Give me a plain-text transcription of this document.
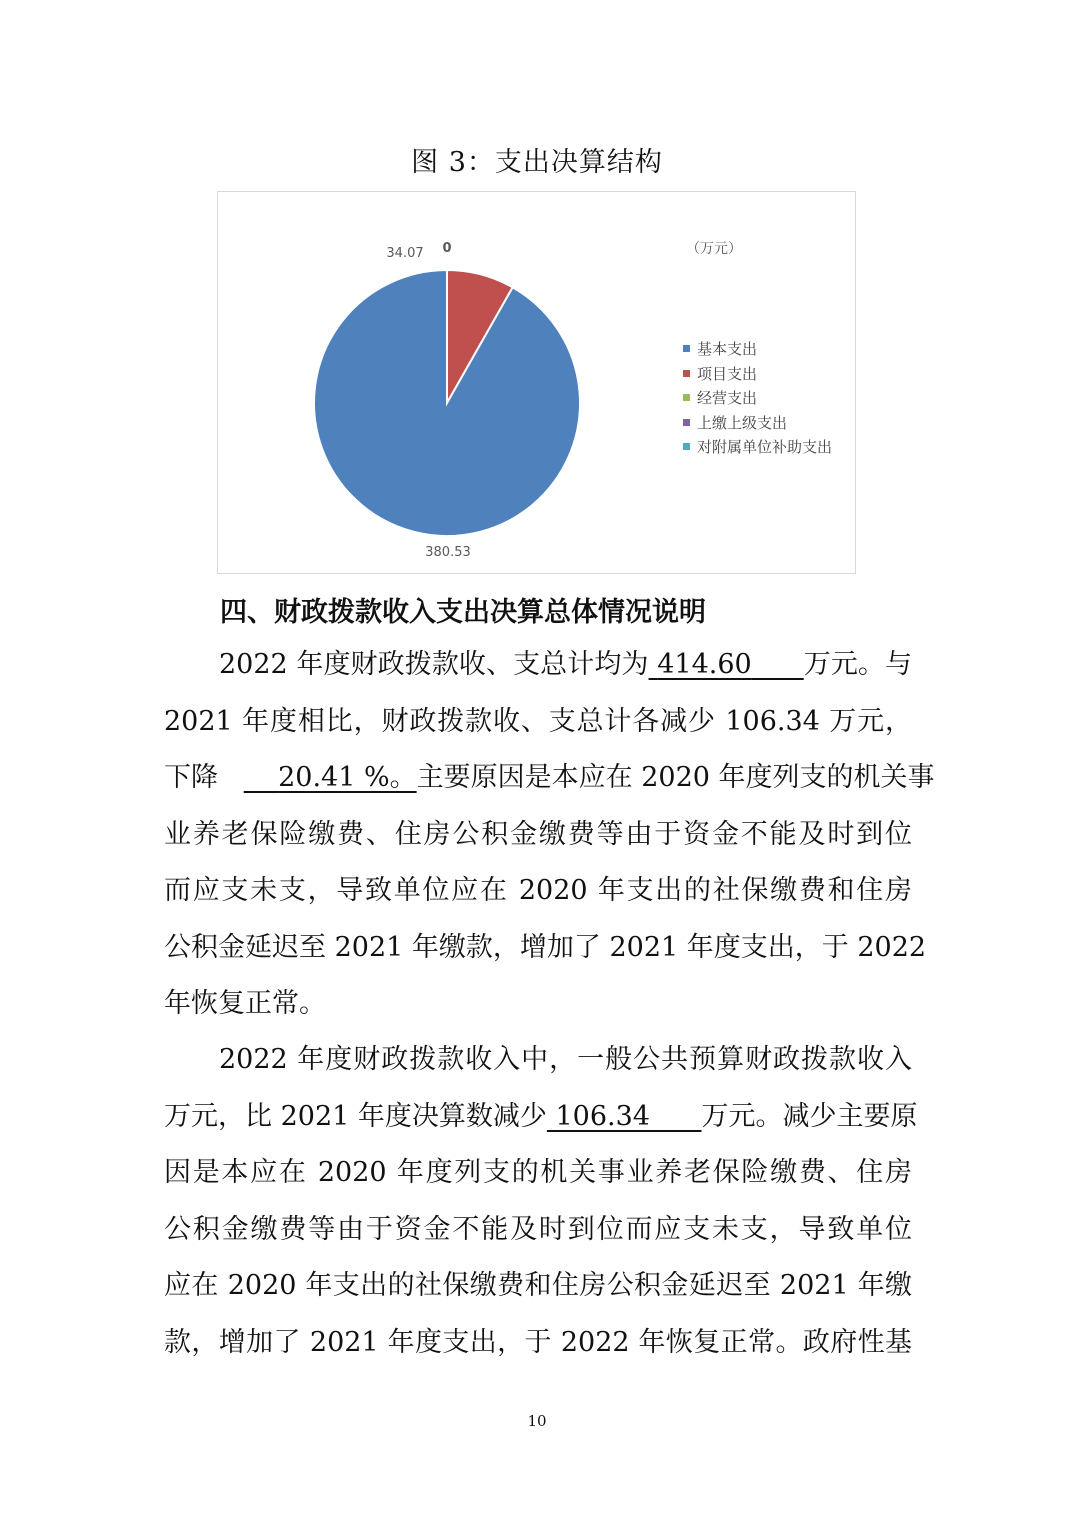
图 3：支出决算结构
（万元）
380.53
34.07 0
基本支出
项目支出
经营支出
上缴上级支出
对附属单位补助支出
四、财政拨款收入支出决算总体情况说明
2022 年度财政拨款收、支总计均为 414.60 万元。与
2021 年度相比，财政拨款收、支总计各减少 106.34 万元，
下降 20.41 %。主要原因是本应在 2020 年度列支的机关事
业养老保险缴费、住房公积金缴费等由于资金不能及时到位
而应支未支，导致单位应在 2020 年支出的社保缴费和住房
公积金延迟至 2021 年缴款，增加了 2021 年度支出，于 2022
年恢复正常。
2022 年度财政拨款收入中，一般公共预算财政拨款收入
万元，比 2021 年度决算数减少 106.34 万元。减少主要原
因是本应在 2020 年度列支的机关事业养老保险缴费、住房
公积金缴费等由于资金不能及时到位而应支未支，导致单位
应在 2020 年支出的社保缴费和住房公积金延迟至 2021 年缴
款，增加了 2021 年度支出，于 2022 年恢复正常。政府性基
10
